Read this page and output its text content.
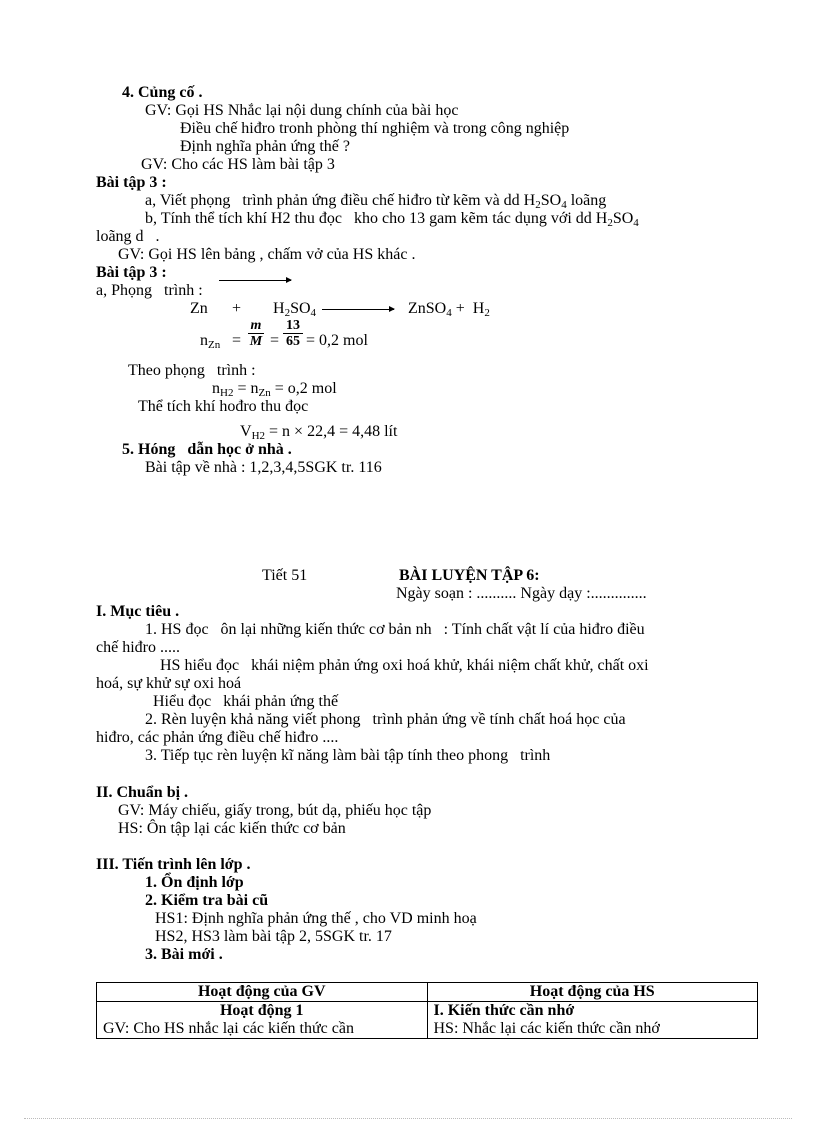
4. Củng cố .
GV: Gọi HS Nhắc lại nội dung chính của bài học
Điều chế hiđro tronh phòng thí nghiệm và trong công nghiệp
Định nghĩa phản ứng thế ?
GV: Cho các HS làm bài tập 3
Bài tập 3 :
a, Viết phọng   trình phản ứng điều chế hiđro từ kẽm và dd H2SO4 loãng
b, Tính thể tích khí H2 thu đọc   kho cho 13 gam kẽm tác dụng với dd H2SO4
loãng d   .
GV: Gọi HS lên bảng , chấm vở của HS khác .
Bài tập 3 :
a, Phọng   trình :
Zn + H2SO4	ZnSO4 +  H2
nZn =
m
M =
13
65 = 0,2 mol
Theo phọng   trình :
nH2 = nZn = o,2 mol
Thể tích khí hođro thu đọc
VH2 = n × 22,4 = 4,48 lít
5. Hóng   dẫn học ở nhà .
Bài tập về nhà : 1,2,3,4,5SGK tr. 116
Tiết 51	BÀI LUYỆN TẬP 6:
Ngày soạn : .......... Ngày dạy :..............
I. Mục tiêu .
1. HS đọc   ôn lại những kiến thức cơ bản nh   : Tính chất vật lí của hiđro điều
chế hiđro .....
HS hiểu đọc   khái niệm phản ứng oxi hoá khử, khái niệm chất khử, chất oxi
hoá, sự khử sự oxi hoá
Hiểu đọc   khái phản ứng thế
2. Rèn luyện khả năng viết phong   trình phản ứng về tính chất hoá học của
hiđro, các phản ứng điều chế hiđro ....
3. Tiếp tục rèn luyện kĩ năng làm bài tập tính theo phong   trình
II. Chuẩn bị .
GV: Máy chiếu, giấy trong, bút dạ, phiếu học tập
HS: Ôn tập lại các kiến thức cơ bản
III. Tiến trình lên lớp .
1. Ổn định lớp
2. Kiểm tra bài cũ
HS1: Định nghĩa phản ứng thế , cho VD minh hoạ
HS2, HS3 làm bài tập 2, 5SGK tr. 17
3. Bài mới .
Hoạt động của GV	Hoạt động của HS
Hoạt động 1	I. Kiến thức cần nhớ
GV: Cho HS nhắc lại các kiến thức cần	HS: Nhắc lại các kiến thức cần nhớ
